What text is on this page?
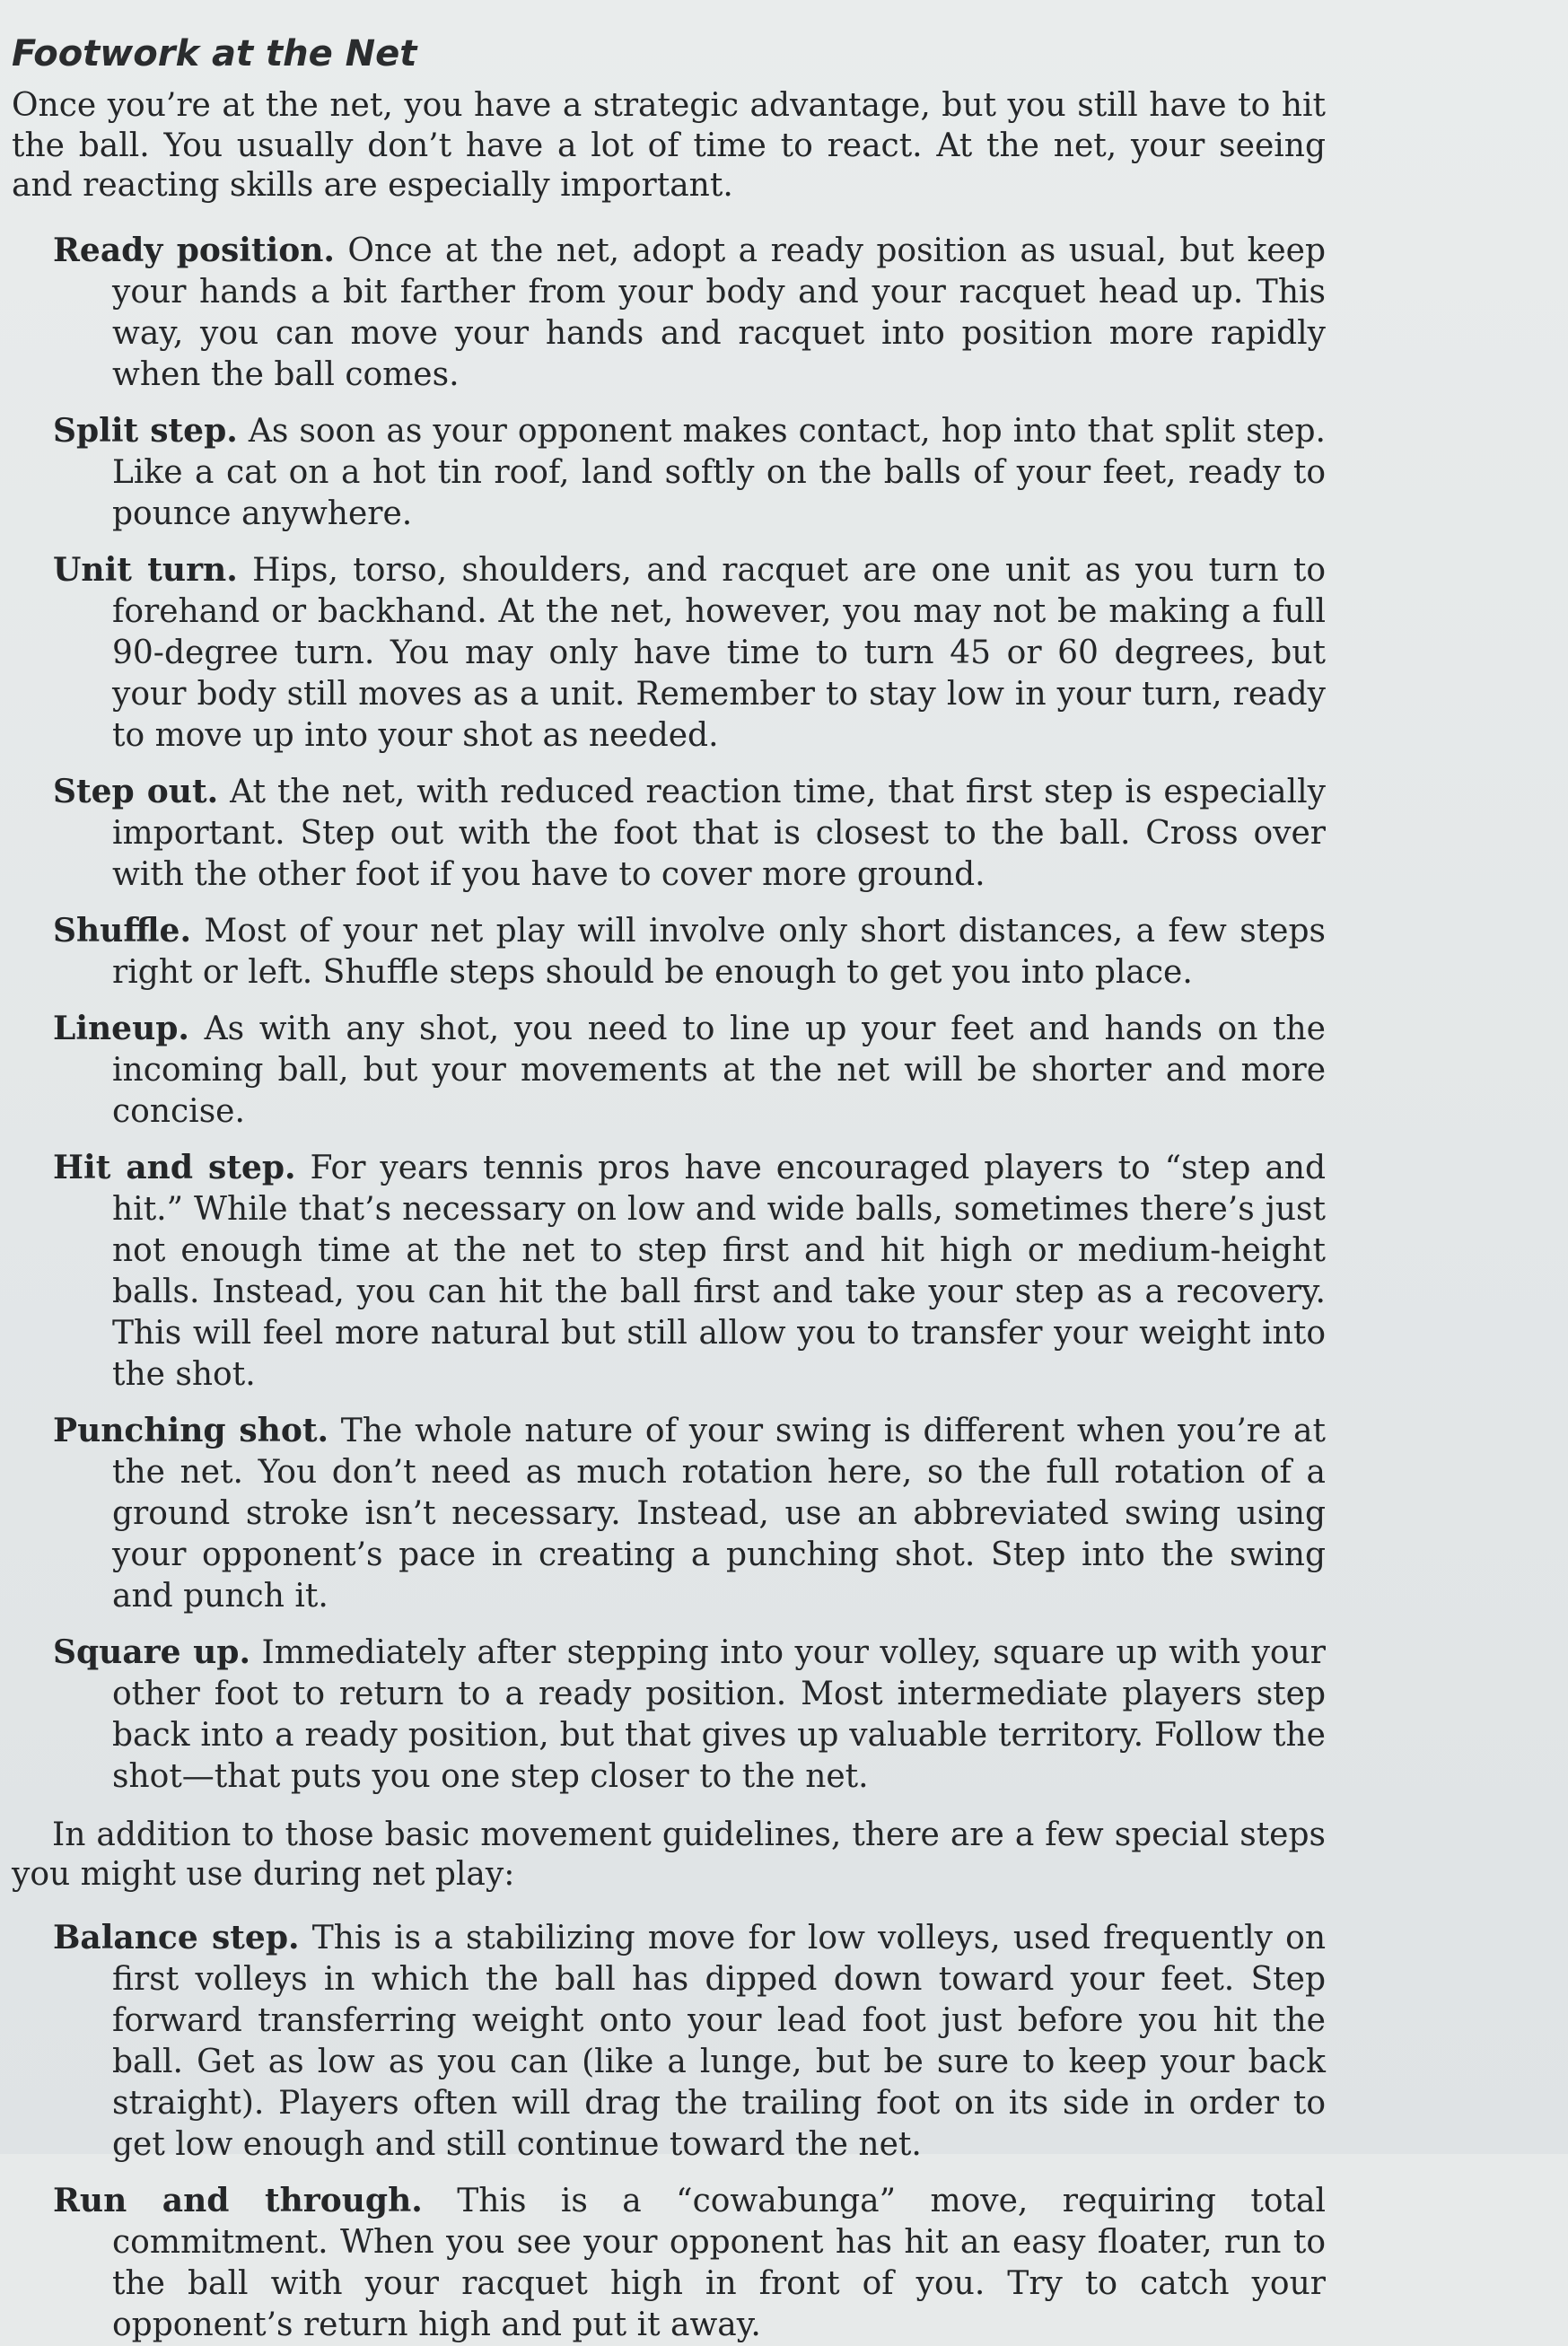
Footwork at the Net

Once you’re at the net, you have a strategic advantage, but you still have to hit the ball. You usually don’t have a lot of time to react. At the net, your seeing and reacting skills are especially important.

Ready position. Once at the net, adopt a ready position as usual, but keep your hands a bit farther from your body and your racquet head up. This way, you can move your hands and racquet into position more rapidly when the ball comes.
Split step. As soon as your opponent makes contact, hop into that split step. Like a cat on a hot tin roof, land softly on the balls of your feet, ready to pounce anywhere.
Unit turn. Hips, torso, shoulders, and racquet are one unit as you turn to forehand or backhand. At the net, however, you may not be making a full 90-degree turn. You may only have time to turn 45 or 60 degrees, but your body still moves as a unit. Remember to stay low in your turn, ready to move up into your shot as needed.
Step out. At the net, with reduced reaction time, that first step is especially important. Step out with the foot that is closest to the ball. Cross over with the other foot if you have to cover more ground.
Shuffle. Most of your net play will involve only short distances, a few steps right or left. Shuffle steps should be enough to get you into place.
Lineup. As with any shot, you need to line up your feet and hands on the incoming ball, but your movements at the net will be shorter and more concise.
Hit and step. For years tennis pros have encouraged players to “step and hit.” While that’s necessary on low and wide balls, sometimes there’s just not enough time at the net to step first and hit high or medium-height balls. Instead, you can hit the ball first and take your step as a recovery. This will feel more natural but still allow you to transfer your weight into the shot.
Punching shot. The whole nature of your swing is different when you’re at the net. You don’t need as much rotation here, so the full rotation of a ground stroke isn’t necessary. Instead, use an abbreviated swing using your opponent’s pace in creating a punching shot. Step into the swing and punch it.
Square up. Immediately after stepping into your volley, square up with your other foot to return to a ready position. Most intermediate players step back into a ready position, but that gives up valuable territory. Follow the shot—that puts you one step closer to the net.

In addition to those basic movement guidelines, there are a few special steps you might use during net play:

Balance step. This is a stabilizing move for low volleys, used frequently on first volleys in which the ball has dipped down toward your feet. Step forward transferring weight onto your lead foot just before you hit the ball. Get as low as you can (like a lunge, but be sure to keep your back straight). Players often will drag the trailing foot on its side in order to get low enough and still continue toward the net.
Run and through. This is a “cowabunga” move, requiring total commitment. When you see your opponent has hit an easy floater, run to the ball with your racquet high in front of you. Try to catch your opponent’s return high and put it away.
